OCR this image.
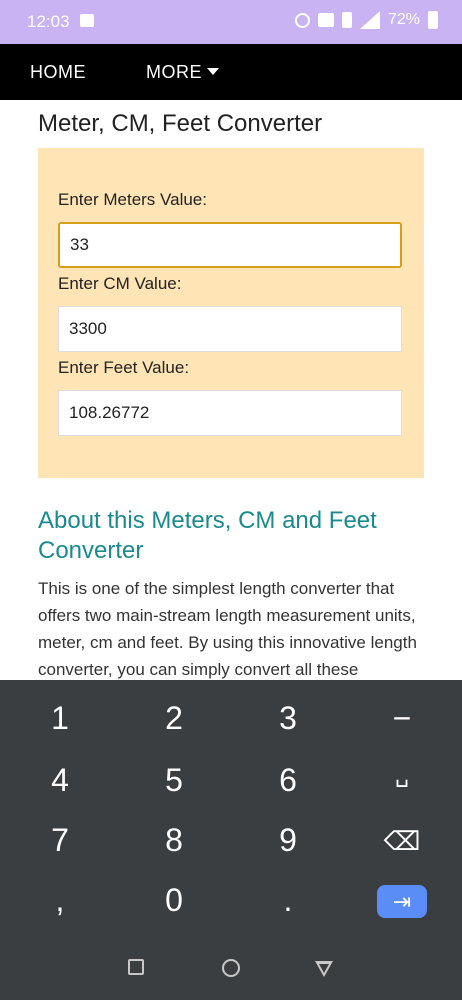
12:03	72%
HOME	MORE
Meter, CM, Feet Converter
Enter Meters Value:
33
Enter CM Value:
3300
Enter Feet Value:
108.26772
About this Meters, CM and Feet Converter
This is one of the simplest length converter that offers two main-stream length measurement units, meter, cm and feet. By using this innovative length converter, you can simply convert all these
1	2	3	−
4	5	6	␣
7	8	9	⌫
,	0	.	⇥
